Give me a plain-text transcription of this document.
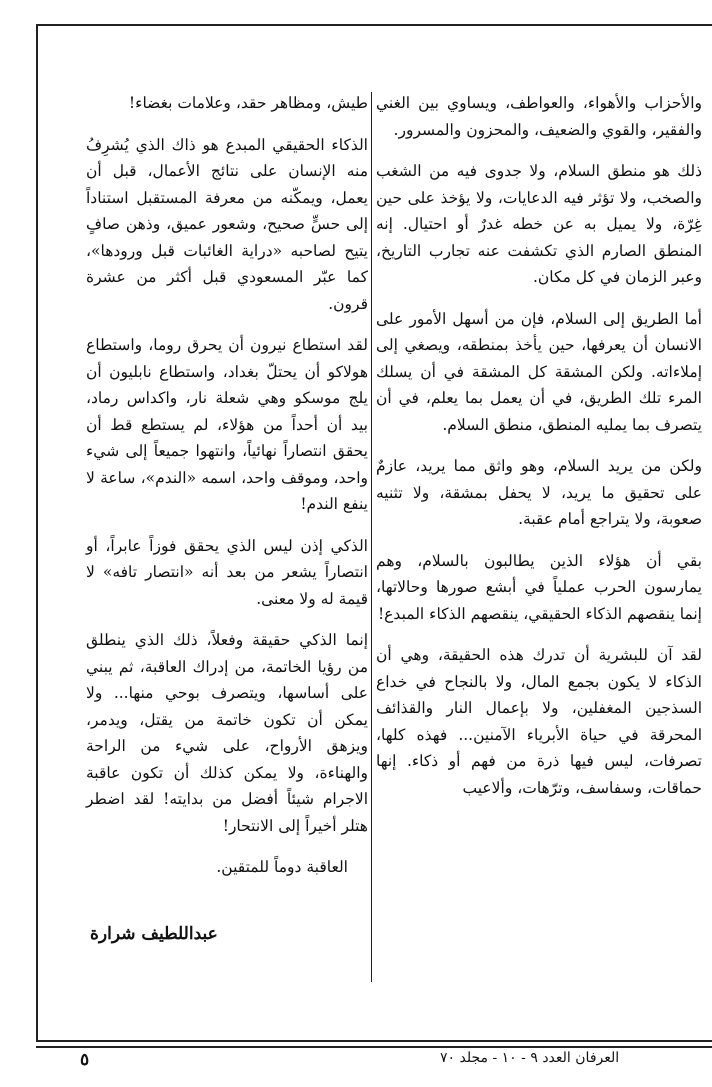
والأحزاب والأهواء، والعواطف، ويساوي بين الغني والفقير، والقوي والضعيف، والمحزون والمسرور.

ذلك هو منطق السلام، ولا جدوى فيه من الشغب والصخب، ولا تؤثر فيه الدعايات، ولا يؤخذ على حين غِرّة، ولا يميل به عن خطه غدرٌ أو احتيال. إنه المنطق الصارم الذي تكشفت عنه تجارب التاريخ، وعبر الزمان في كل مكان.

أما الطريق إلى السلام، فإن من أسهل الأمور على الانسان أن يعرفها، حين يأخذ بمنطقه، ويصغي إلى إملاءاته. ولكن المشقة كل المشقة في أن يسلك المرء تلك الطريق، في أن يعمل بما يعلم، في أن يتصرف بما يمليه المنطق، منطق السلام.

ولكن من يريد السلام، وهو واثق مما يريد، عازمٌ على تحقيق ما يريد، لا يحفل بمشقة، ولا تثنيه صعوبة، ولا يتراجع أمام عقبة.

بقي أن هؤلاء الذين يطالبون بالسلام، وهم يمارسون الحرب عملياً في أبشع صورها وحالاتها، إنما ينقصهم الذكاء الحقيقي، ينقصهم الذكاء المبدع!

لقد آن للبشرية أن تدرك هذه الحقيقة، وهي أن الذكاء لا يكون بجمع المال، ولا بالنجاح في خداع السذجين المغفلين، ولا بإعمال النار والقذائف المحرقة في حياة الأبرياء الآمنين... فهذه كلها، تصرفات، ليس فيها ذرة من فهم أو ذكاء. إنها حماقات، وسفاسف، وترّهات، وألاعيب

طيش، ومظاهر حقد، وعلامات بغضاء!

الذكاء الحقيقي المبدع هو ذاك الذي يُشرِفُ منه الإنسان على نتائج الأعمال، قبل أن يعمل، ويمكّنه من معرفة المستقبل استناداً إلى حسٍّ صحيح، وشعور عميق، وذهن صافٍ يتيح لصاحبه «دراية الغائبات قبل ورودها»، كما عبّر المسعودي قبل أكثر من عشرة قرون.

لقد استطاع نيرون أن يحرق روما، واستطاع هولاكو أن يحتلّ بغداد، واستطاع نابليون أن يلج موسكو وهي شعلة نار، واكداس رماد، بيد أن أحداً من هؤلاء، لم يستطع قط أن يحقق انتصاراً نهائياً، وانتهوا جميعاً إلى شيء واحد، وموقف واحد، اسمه «الندم»، ساعة لا ينفع الندم!

الذكي إذن ليس الذي يحقق فوزاً عابراً، أو انتصاراً يشعر من بعد أنه «انتصار تافه» لا قيمة له ولا معنى.

إنما الذكي حقيقة وفعلاً، ذلك الذي ينطلق من رؤيا الخاتمة، من إدراك العاقبة، ثم يبني على أساسها، ويتصرف بوحي منها... ولا يمكن أن تكون خاتمة من يقتل، ويدمر، ويزهق الأرواح، على شيء من الراحة والهناءة، ولا يمكن كذلك أن تكون عاقبة الاجرام شيئاً أفضل من بدايته! لقد اضطر هتلر أخيراً إلى الانتحار!

العاقبة دوماً للمتقين.

عبداللطيف شرارة

العرفان العدد ٩ - ١٠ - مجلد ٧٠
٥
